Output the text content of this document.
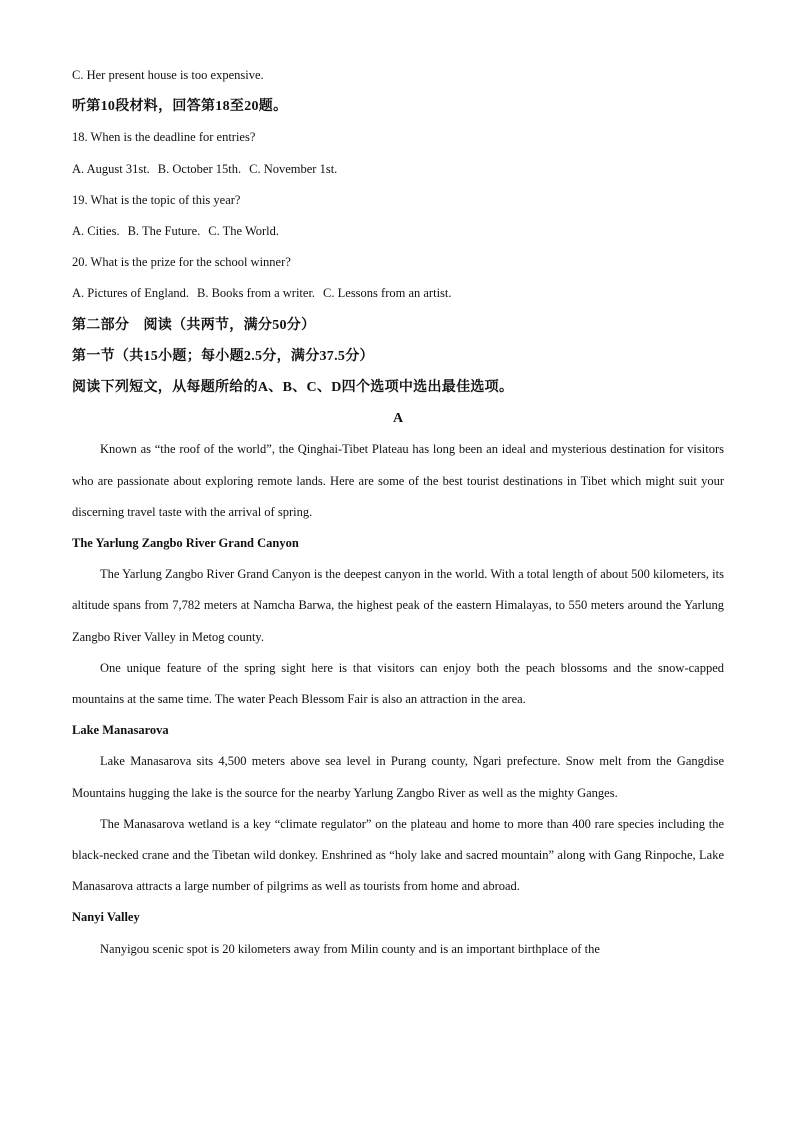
C. Her present house is too expensive.

听第10段材料，回答第18至20题。

18. When is the deadline for entries?

A. August 31st. B. October 15th. C. November 1st.

19. What is the topic of this year?

A. Cities. B. The Future. C. The World.

20. What is the prize for the school winner?

A. Pictures of England. B. Books from a writer. C. Lessons from an artist.

第二部分　阅读（共两节，满分50分）

第一节（共15小题；每小题2.5分，满分37.5分）

阅读下列短文，从每题所给的A、B、C、D四个选项中选出最佳选项。

A

Known as “the roof of the world”, the Qinghai-Tibet Plateau has long been an ideal and mysterious destination for visitors who are passionate about exploring remote lands. Here are some of the best tourist destinations in Tibet which might suit your discerning travel taste with the arrival of spring.

The Yarlung Zangbo River Grand Canyon

The Yarlung Zangbo River Grand Canyon is the deepest canyon in the world. With a total length of about 500 kilometers, its altitude spans from 7,782 meters at Namcha Barwa, the highest peak of the eastern Himalayas, to 550 meters around the Yarlung Zangbo River Valley in Metog county.

One unique feature of the spring sight here is that visitors can enjoy both the peach blossoms and the snow-capped mountains at the same time. The water Peach Blessom Fair is also an attraction in the area.

Lake Manasarova

Lake Manasarova sits 4,500 meters above sea level in Purang county, Ngari prefecture. Snow melt from the Gangdise Mountains hugging the lake is the source for the nearby Yarlung Zangbo River as well as the mighty Ganges.

The Manasarova wetland is a key “climate regulator” on the plateau and home to more than 400 rare species including the black-necked crane and the Tibetan wild donkey. Enshrined as “holy lake and sacred mountain” along with Gang Rinpoche, Lake Manasarova attracts a large number of pilgrims as well as tourists from home and abroad.

Nanyi Valley

Nanyigou scenic spot is 20 kilometers away from Milin county and is an important birthplace of the
